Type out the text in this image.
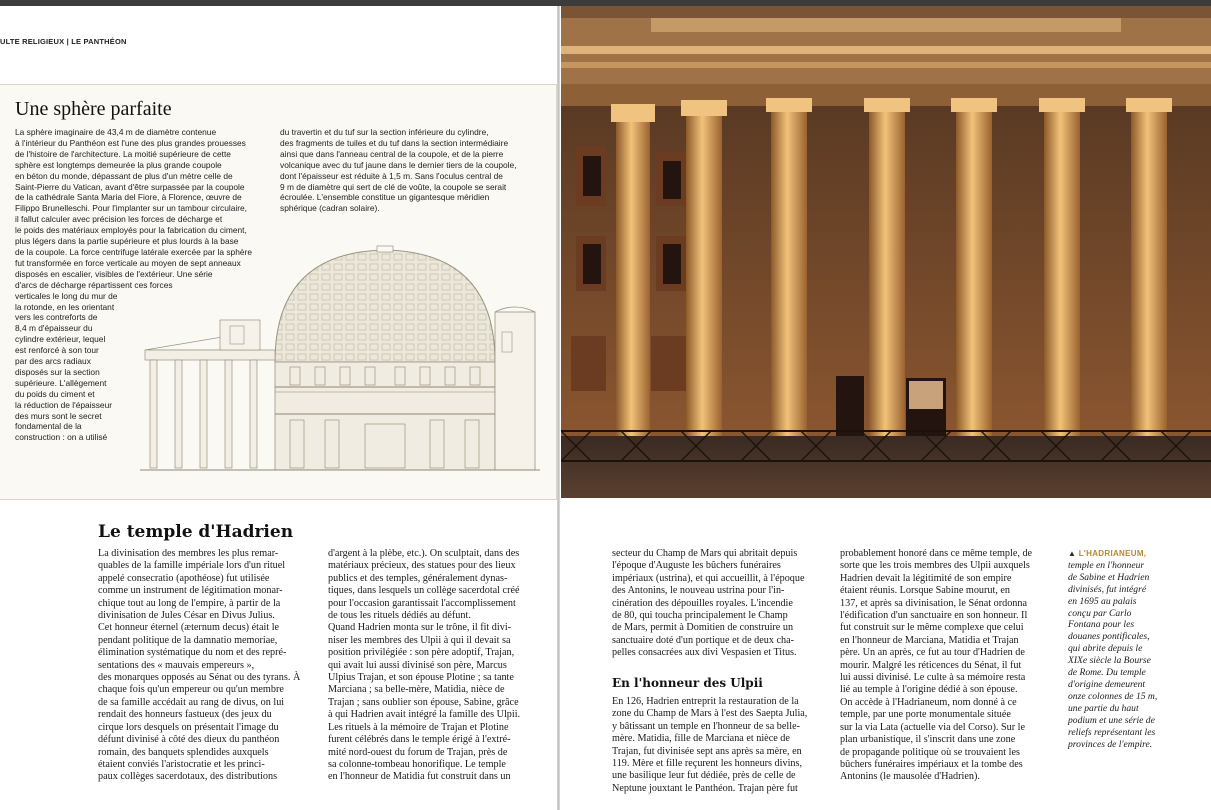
ULTE RELIGIEUX | LE PANTHÉON
Une sphère parfaite

La sphère imaginaire de 43,4 m de diamètre contenue

à l'intérieur du Panthéon est l'une des plus grandes prouesses

de l'histoire de l'architecture. La moitié supérieure de cette

sphère est longtemps demeurée la plus grande coupole

en béton du monde, dépassant de plus d'un mètre celle de

Saint-Pierre du Vatican, avant d'être surpassée par la coupole

de la cathédrale Santa Maria del Fiore, à Florence, œuvre de

Filippo Brunelleschi. Pour l'implanter sur un tambour circulaire,

il fallut calculer avec précision les forces de décharge et

le poids des matériaux employés pour la fabrication du ciment,

plus légers dans la partie supérieure et plus lourds à la base

de la coupole. La force centrifuge latérale exercée par la sphère

fut transformée en force verticale au moyen de sept anneaux

disposés en escalier, visibles de l'extérieur. Une série

d'arcs de décharge répartissent ces forces

verticales le long du mur de

la rotonde, en les orientant

vers les contreforts de

8,4 m d'épaisseur du

cylindre extérieur, lequel

est renforcé à son tour

par des arcs radiaux

disposés sur la section

supérieure. L'allègement

du poids du ciment et

la réduction de l'épaisseur

des murs sont le secret

fondamental de la

construction : on a utilisé

du travertin et du tuf sur la section inférieure du cylindre,

des fragments de tuiles et du tuf dans la section intermédiaire

ainsi que dans l'anneau central de la coupole, et de la pierre

volcanique avec du tuf jaune dans le dernier tiers de la coupole,

dont l'épaisseur est réduite à 1,5 m. Sans l'oculus central de

9 m de diamètre qui sert de clé de voûte, la coupole se serait

écroulée. L'ensemble constitue un gigantesque méridien

sphérique (cadran solaire).

Le temple d'Hadrien

La divinisation des membres les plus remar-

quables de la famille impériale lors d'un rituel

appelé consecratio (apothéose) fut utilisée

comme un instrument de légitimation monar-

chique tout au long de l'empire, à partir de la

divinisation de Jules César en Divus Julius.

Cet honneur éternel (æternum decus) était le

pendant politique de la damnatio memoriae,

élimination systématique du nom et des repré-

sentations des « mauvais empereurs »,

des monarques opposés au Sénat ou des tyrans. À

chaque fois qu'un empereur ou qu'un membre

de sa famille accédait au rang de divus, on lui

rendait des honneurs fastueux (des jeux du

cirque lors desquels on présentait l'image du

défunt divinisé à côté des dieux du panthéon

romain, des banquets splendides auxquels

étaient conviés l'aristocratie et les princi-

paux collèges sacerdotaux, des distributions

d'argent à la plèbe, etc.). On sculptait, dans des

matériaux précieux, des statues pour des lieux

publics et des temples, généralement dynas-

tiques, dans lesquels un collège sacerdotal créé

pour l'occasion garantissait l'accomplissement

de tous les rituels dédiés au défunt.

Quand Hadrien monta sur le trône, il fit divi-

niser les membres des Ulpii à qui il devait sa

position privilégiée : son père adoptif, Trajan,

qui avait lui aussi divinisé son père, Marcus

Ulpius Trajan, et son épouse Plotine ; sa tante

Marciana ; sa belle-mère, Matidia, nièce de

Trajan ; sans oublier son épouse, Sabine, grâce

à qui Hadrien avait intégré la famille des Ulpii.

Les rituels à la mémoire de Trajan et Plotine

furent célébrés dans le temple érigé à l'extré-

mité nord-ouest du forum de Trajan, près de

sa colonne-tombeau honorifique. Le temple

en l'honneur de Matidia fut construit dans un

secteur du Champ de Mars qui abritait depuis

l'époque d'Auguste les bûchers funéraires

impériaux (ustrina), et qui accueillit, à l'époque

des Antonins, le nouveau ustrina pour l'in-

cinération des dépouilles royales. L'incendie

de 80, qui toucha principalement le Champ

de Mars, permit à Domitien de construire un

sanctuaire doté d'un portique et de deux cha-

pelles consacrées aux divi Vespasien et Titus.

En l'honneur des Ulpii

En 126, Hadrien entreprit la restauration de la

zone du Champ de Mars à l'est des Saepta Julia,

y bâtissant un temple en l'honneur de sa belle-

mère. Matidia, fille de Marciana et nièce de

Trajan, fut divinisée sept ans après sa mère, en

119. Mère et fille reçurent les honneurs divins,

une basilique leur fut dédiée, près de celle de

Neptune jouxtant le Panthéon. Trajan père fut

probablement honoré dans ce même temple, de

sorte que les trois membres des Ulpii auxquels

Hadrien devait la légitimité de son empire

étaient réunis. Lorsque Sabine mourut, en

137, et après sa divinisation, le Sénat ordonna

l'édification d'un sanctuaire en son honneur. Il

fut construit sur le même complexe que celui

en l'honneur de Marciana, Matidia et Trajan

père. Un an après, ce fut au tour d'Hadrien de

mourir. Malgré les réticences du Sénat, il fut

lui aussi divinisé. Le culte à sa mémoire resta

lié au temple à l'origine dédié à son épouse.

On accède à l'Hadrianeum, nom donné à ce

temple, par une porte monumentale située

sur la via Lata (actuelle via del Corso). Sur le

plan urbanistique, il s'inscrit dans une zone

de propagande politique où se trouvaient les

bûchers funéraires impériaux et la tombe des

Antonins (le mausolée d'Hadrien).

▲ L'HADRIANEUM,

temple en l'honneur

de Sabine et Hadrien

divinisés, fut intégré

en 1695 au palais

conçu par Carlo

Fontana pour les

douanes pontificales,

qui abrite depuis le

XIXe siècle la Bourse

de Rome. Du temple

d'origine demeurent

onze colonnes de 15 m,

une partie du haut

podium et une série de

reliefs représentant les

provinces de l'empire.
